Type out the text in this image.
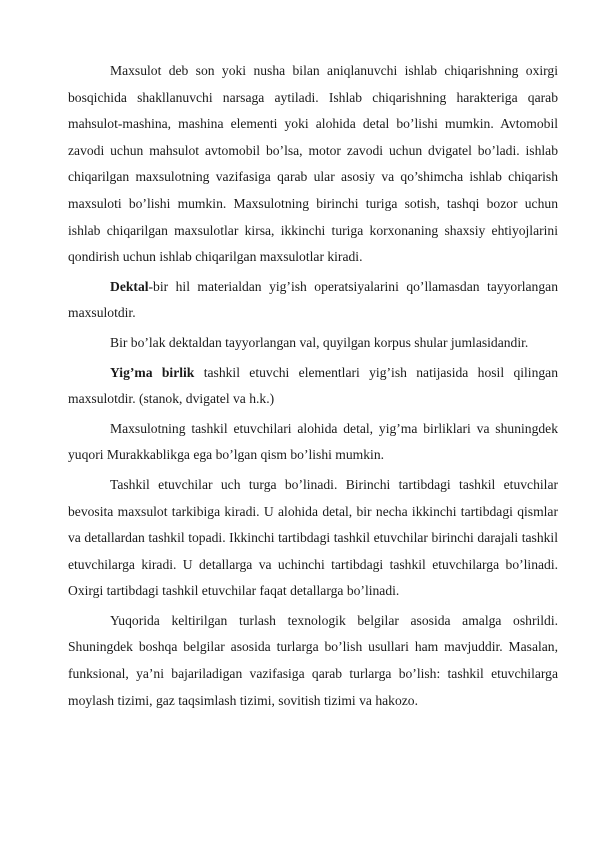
Maxsulot deb son yoki nusha bilan aniqlanuvchi ishlab chiqarishning oxirgi bosqichida shakllanuvchi narsaga aytiladi. Ishlab chiqarishning harakteriga qarab mahsulot-mashina, mashina elementi yoki alohida detal bo’lishi mumkin. Avtomobil zavodi uchun mahsulot avtomobil bo’lsa, motor zavodi uchun dvigatel bo’ladi. ishlab chiqarilgan maxsulotning vazifasiga qarab ular asosiy va qo’shimcha ishlab chiqarish maxsuloti bo’lishi mumkin. Maxsulotning birinchi turiga sotish, tashqi bozor uchun ishlab chiqarilgan maxsulotlar kirsa, ikkinchi turiga korxonaning shaxsiy ehtiyojlarini qondirish uchun ishlab chiqarilgan maxsulotlar kiradi.

Dektal-bir hil materialdan yig’ish operatsiyalarini qo’llamasdan tayyorlangan maxsulotdir.

Bir bo’lak dektaldan tayyorlangan val, quyilgan korpus shular jumlasidandir.

Yig’ma birlik tashkil etuvchi elementlari yig’ish natijasida hosil qilingan maxsulotdir. (stanok, dvigatel va h.k.)

Maxsulotning tashkil etuvchilari alohida detal, yig’ma birliklari va shuningdek yuqori Murakkablikga ega bo’lgan qism bo’lishi mumkin.

Tashkil etuvchilar uch turga bo’linadi. Birinchi tartibdagi tashkil etuvchilar bevosita maxsulot tarkibiga kiradi. U alohida detal, bir necha ikkinchi tartibdagi qismlar va detallardan tashkil topadi. Ikkinchi tartibdagi tashkil etuvchilar birinchi darajali tashkil etuvchilarga kiradi. U detallarga va uchinchi tartibdagi tashkil etuvchilarga bo’linadi. Oxirgi tartibdagi tashkil etuvchilar faqat detallarga bo’linadi.

Yuqorida keltirilgan turlash texnologik belgilar asosida amalga oshrildi. Shuningdek boshqa belgilar asosida turlarga bo’lish usullari ham mavjuddir. Masalan, funksional, ya’ni bajariladigan vazifasiga qarab turlarga bo’lish: tashkil etuvchilarga moylash tizimi, gaz taqsimlash tizimi, sovitish tizimi va hakozo.
